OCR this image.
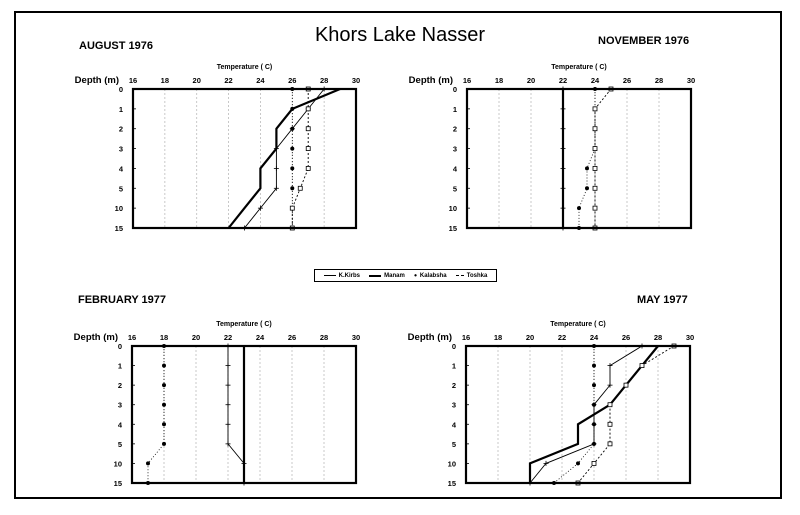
Khors Lake Nasser
AUGUST 1976	NOVEMBER 1976
FEBRUARY 1977	MAY 1977
16	18	20	22	24	26	28	30
0
1
2
3
4
5
10
15
Temperature ( C)
Depth (m)	16	18	20	22	24	26	28	30
0
1
2
3
4
5
10
15
Temperature ( C)
Depth (m)
16	18	20	22	24	26	28	30
0
1
2
3
4
5
10
15
Temperature ( C)
Depth (m)	16	18	20	22	24	26	28	30
0
1
2
3
4
5
10
15
Temperature ( C)
Depth (m)
K.Kirbs	Manam • Kalabsha	Toshka
